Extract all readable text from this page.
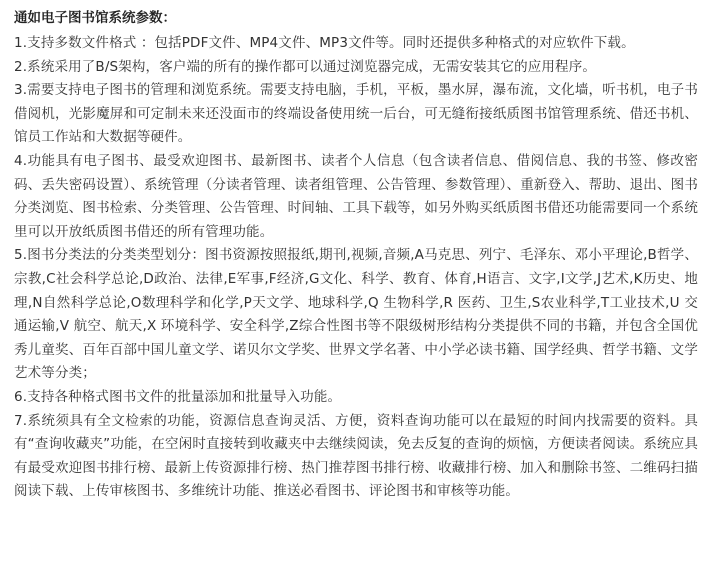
通如电子图书馆系统参数：

1.支持多数文件格式 ：包括PDF文件、MP4文件、MP3文件等。同时还提供多种格式的对应软件下载。

2.系统采用了B/S架构，客户端的所有的操作都可以通过浏览器完成，无需安装其它的应用程序。

3.需要支持电子图书的管理和浏览系统。需要支持电脑，手机，平板，墨水屏，瀑布流，文化墙，听书机，电子书借阅机，光影魔屏和可定制未来还没面市的终端设备使用统一后台，可无缝衔接纸质图书馆管理系统、借还书机、馆员工作站和大数据等硬件。

4.功能具有电子图书、最受欢迎图书、最新图书、读者个人信息（包含读者信息、借阅信息、我的书签、修改密码、丢失密码设置）、系统管理（分读者管理、读者组管理、公告管理、参数管理）、重新登入、帮助、退出、图书分类浏览、图书检索、分类管理、公告管理、时间轴、工具下载等，如另外购买纸质图书借还功能需要同一个系统里可以开放纸质图书借还的所有管理功能。

5.图书分类法的分类类型划分：图书资源按照报纸,期刊,视频,音频,A马克思、列宁、毛泽东、邓小平理论,B哲学、宗教,C社会科学总论,D政治、法律,E军事,F经济,G文化、科学、教育、体育,H语言、文字,I文学,J艺术,K历史、地理,N自然科学总论,O数理科学和化学,P天文学、地球科学,Q 生物科学,R 医药、卫生,S农业科学,T工业技术,U 交通运输,V 航空、航天,X 环境科学、安全科学,Z综合性图书等不限级树形结构分类提供不同的书籍，并包含全国优秀儿童奖、百年百部中国儿童文学、诺贝尔文学奖、世界文学名著、中小学必读书籍、国学经典、哲学书籍、文学艺术等分类；

6.支持各种格式图书文件的批量添加和批量导入功能。

7.系统须具有全文检索的功能，资源信息查询灵活、方便，资料查询功能可以在最短的时间内找需要的资料。具有“查询收藏夹”功能，在空闲时直接转到收藏夹中去继续阅读，免去反复的查询的烦恼，方便读者阅读。系统应具有最受欢迎图书排行榜、最新上传资源排行榜、热门推荐图书排行榜、收藏排行榜、加入和删除书签、二维码扫描阅读下载、上传审核图书、多维统计功能、推送必看图书、评论图书和审核等功能。
